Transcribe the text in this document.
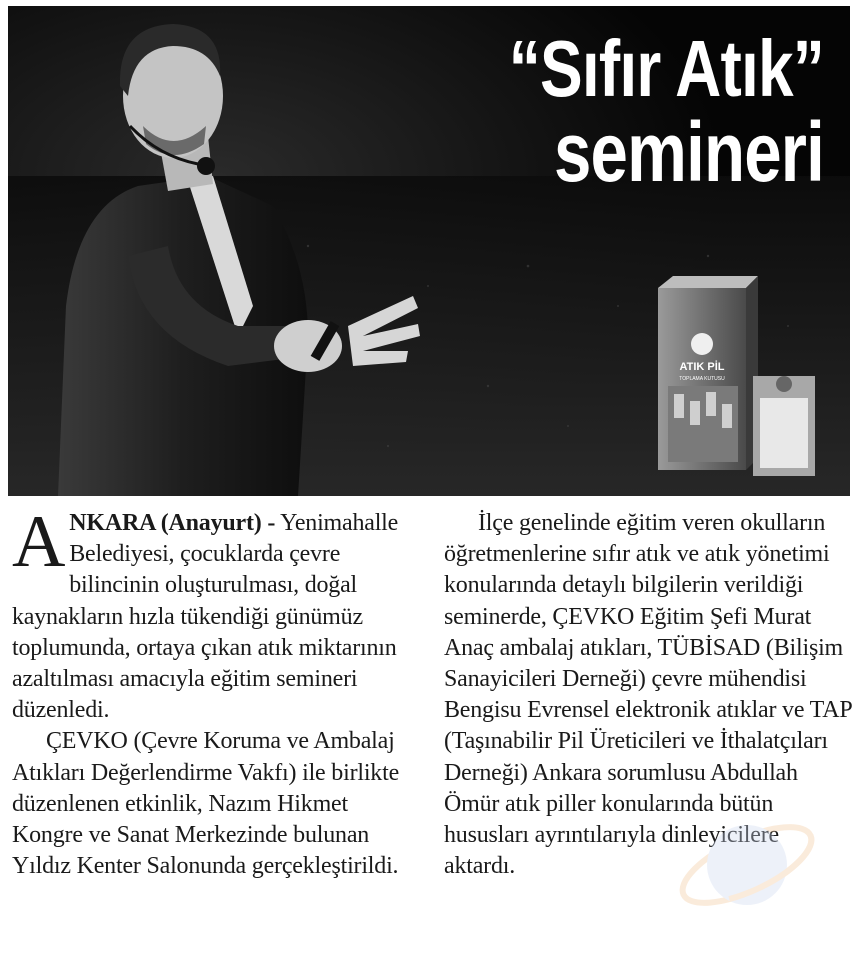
ATIK PİL
TOPLAMA KUTUSU
“Sıfır Atık”
semineri

ANKARA (Anayurt) - Yenimahalle Belediyesi, çocuklarda çevre bilincinin oluşturulması, doğal kaynakların hızla tükendiği günümüz toplumunda, ortaya çıkan atık miktarının azaltılması amacıyla eğitim semineri düzenledi.

ÇEVKO (Çevre Koruma ve Ambalaj Atıkları Değerlendirme Vakfı) ile birlikte düzenlenen etkinlik, Nazım Hikmet Kongre ve Sanat Merkezinde bulunan Yıldız Kenter Salonunda gerçekleştirildi.

İlçe genelinde eğitim veren okulların öğretmenlerine sıfır atık ve atık yönetimi konularında detaylı bilgilerin verildiği seminerde, ÇEVKO Eğitim Şefi Murat Anaç ambalaj atıkları, TÜBİSAD (Bilişim Sanayicileri Derneği) çevre mühendisi Bengisu Evrensel elektronik atıklar ve TAP (Taşınabilir Pil Üreticileri ve İthalatçıları Derneği) Ankara sorumlusu Abdullah Ömür atık piller konularında bütün hususları ayrıntılarıyla dinleyicilere aktardı.
